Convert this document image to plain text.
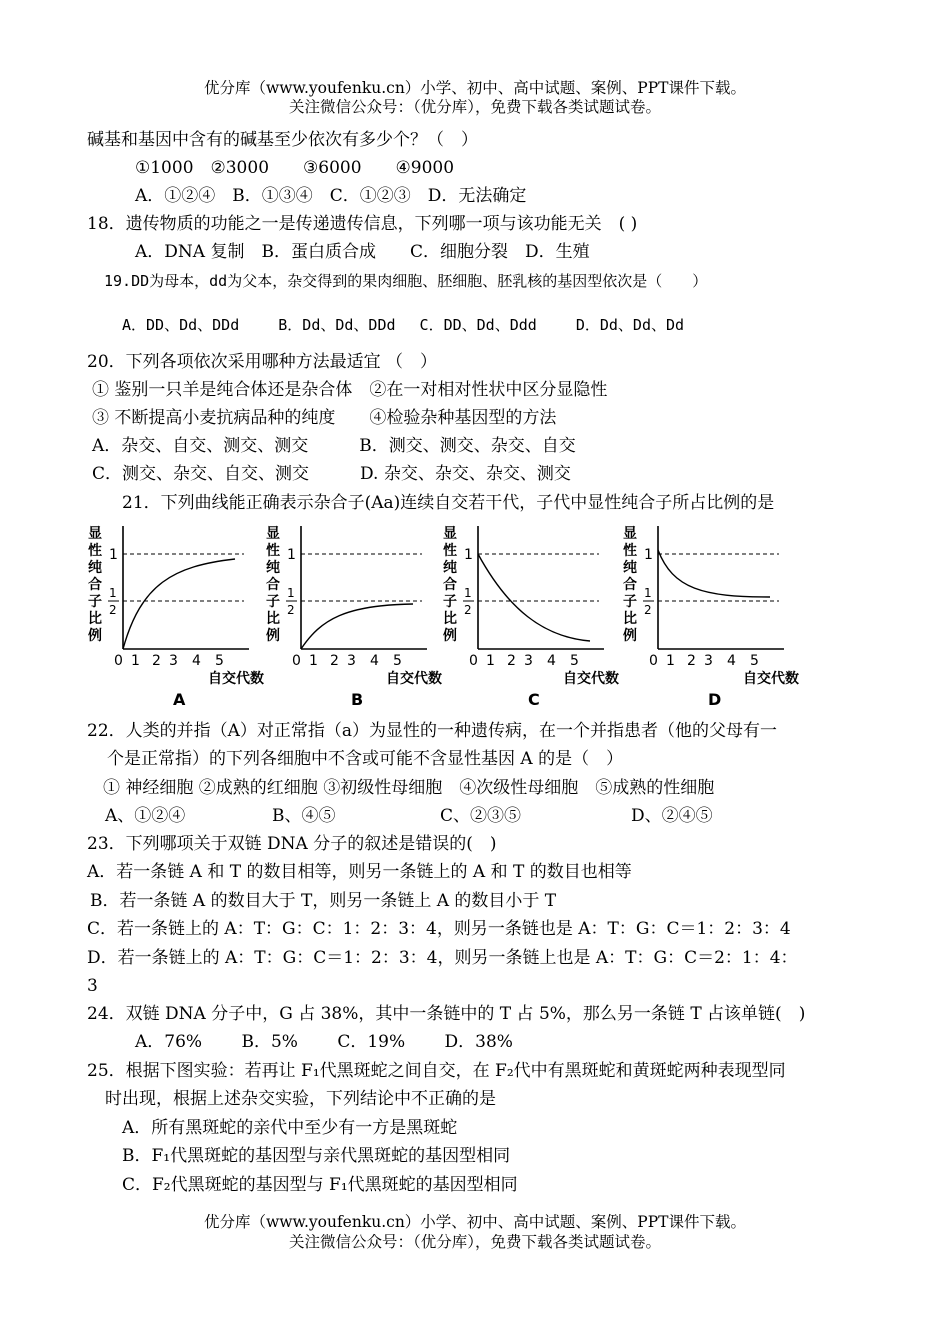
优分库（www.youfenku.cn）小学、初中、高中试题、案例、PPT课件下载。
关注微信公众号：（优分库），免费下载各类试题试卷。
碱基和基因中含有的碱基至少依次有多少个？（　）
①1000　②3000　　③6000　　④9000
A．①②④　B．①③④　C．①②③　D．无法确定
18．遗传物质的功能之一是传递遗传信息，下列哪一项与该功能无关　( )
A．DNA 复制　B．蛋白质合成　　C．细胞分裂　D．生殖
19.DD为母本，dd为父本，杂交得到的果肉细胞、胚细胞、胚乳核的基因型依次是（　　）
A．DD、Dd、DDd　　 B．Dd、Dd、DDd　 C．DD、Dd、Ddd　　 D．Dd、Dd、Dd
20．下列各项依次采用哪种方法最适宜 （　）
① 鉴别一只羊是纯合体还是杂合体　②在一对相对性状中区分显隐性
③ 不断提高小麦抗病品种的纯度　　④检验杂种基因型的方法
A．杂交、自交、测交、测交　　　B．测交、测交、杂交、自交
C．测交、杂交、自交、测交　　　D. 杂交、杂交、杂交、测交
21．下列曲线能正确表示杂合子(Aa)连续自交若干代，子代中显性纯合子所占比例的是
显
性
纯
合
子
比
例
1
1
2
0 1 2 3 4 5
自交代数
A
显
性
纯
合
子
比
例
1
1
2
0 1 2 3 4 5
自交代数
B
显
性
纯
合
子
比
例
1
1
2
0 1 2 3 4 5
自交代数
C
显
性
纯
合
子
比
例
1
1
2
0 1 2 3 4 5
自交代数
D
22．人类的并指（A）对正常指（a）为显性的一种遗传病，在一个并指患者（他的父母有一
个是正常指）的下列各细胞中不含或可能不含显性基因 A 的是（　）
① 神经细胞 ②成熟的红细胞 ③初级性母细胞　④次级性母细胞　⑤成熟的性细胞
A、①②④	B、④⑤	C、②③⑤	D、②④⑤
23．下列哪项关于双链 DNA 分子的叙述是错误的(　)
A．若一条链 A 和 T 的数目相等，则另一条链上的 A 和 T 的数目也相等
B．若一条链 A 的数目大于 T，则另一条链上 A 的数目小于 T
C．若一条链上的 A：T：G：C：1：2：3：4，则另一条链也是 A：T：G：C＝1：2：3：4
D．若一条链上的 A：T：G：C＝1：2：3：4，则另一条链上也是 A：T：G：C＝2：1：4：
3
24．双链 DNA 分子中，G 占 38%，其中一条链中的 T 占 5%，那么另一条链 T 占该单链(　)
A．76%　　 B．5%　　 C．19%　　 D．38%
25．根据下图实验：若再让 F₁代黑斑蛇之间自交，在 F₂代中有黑斑蛇和黄斑蛇两种表现型同
时出现，根据上述杂交实验，下列结论中不正确的是
A．所有黑斑蛇的亲代中至少有一方是黑斑蛇
B．F₁代黑斑蛇的基因型与亲代黑斑蛇的基因型相同
C．F₂代黑斑蛇的基因型与 F₁代黑斑蛇的基因型相同
优分库（www.youfenku.cn）小学、初中、高中试题、案例、PPT课件下载。
关注微信公众号：（优分库），免费下载各类试题试卷。
